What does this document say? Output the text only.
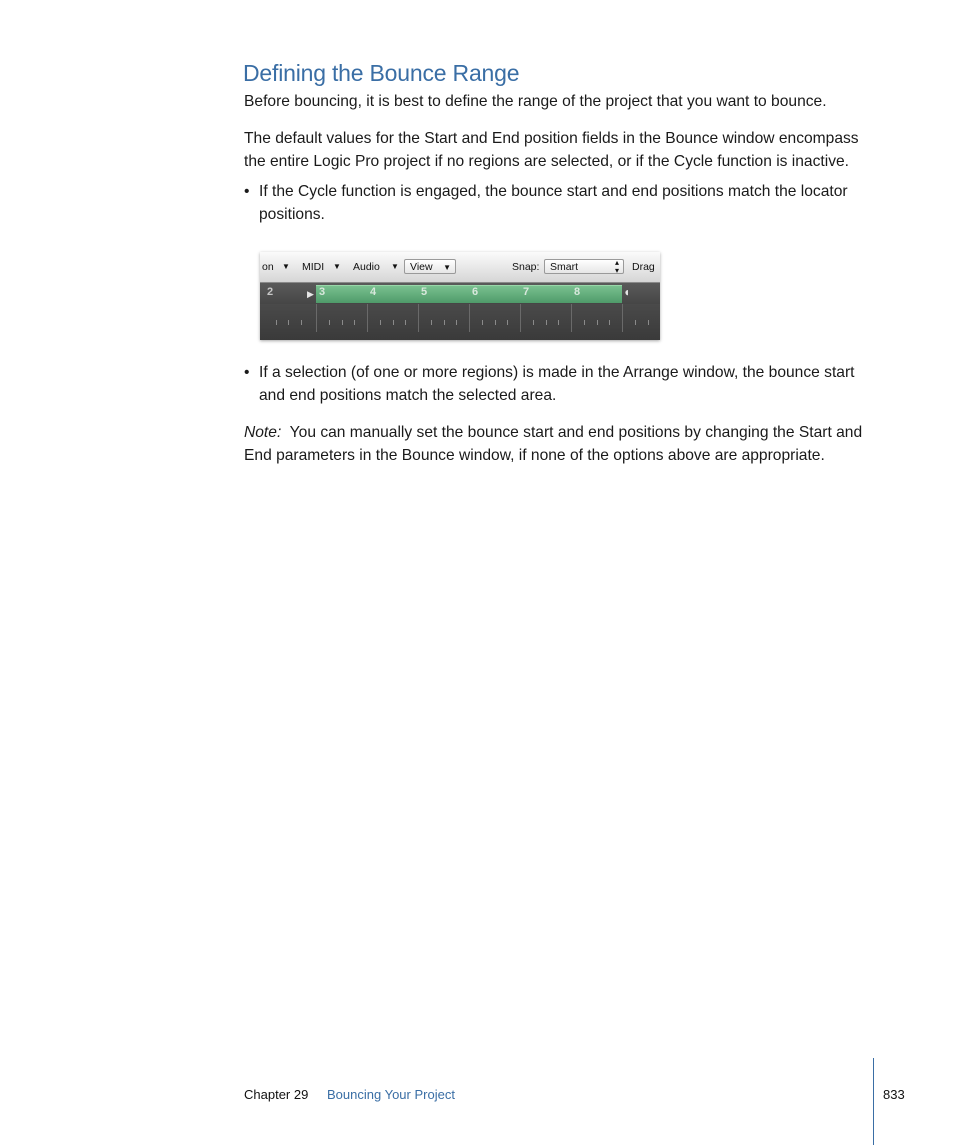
Defining the Bounce Range

Before bouncing, it is best to define the range of the project that you want to bounce.

The default values for the Start and End position fields in the Bounce window encompass the entire Logic Pro project if no regions are selected, or if the Cycle function is inactive.

• If the Cycle function is engaged, the bounce start and end positions match the locator positions.
on ▼ MIDI ▼ Audio ▼	View ▼	Snap:	Smart	▴
▾ Drag
2	▶ 3	4	5	6	7	8	◖
• If a selection (of one or more regions) is made in the Arrange window, the bounce start and end positions match the selected area.

Note: You can manually set the bounce start and end positions by changing the Start and End parameters in the Bounce window, if none of the options above are appropriate.

Chapter 29 Bouncing Your Project	833
